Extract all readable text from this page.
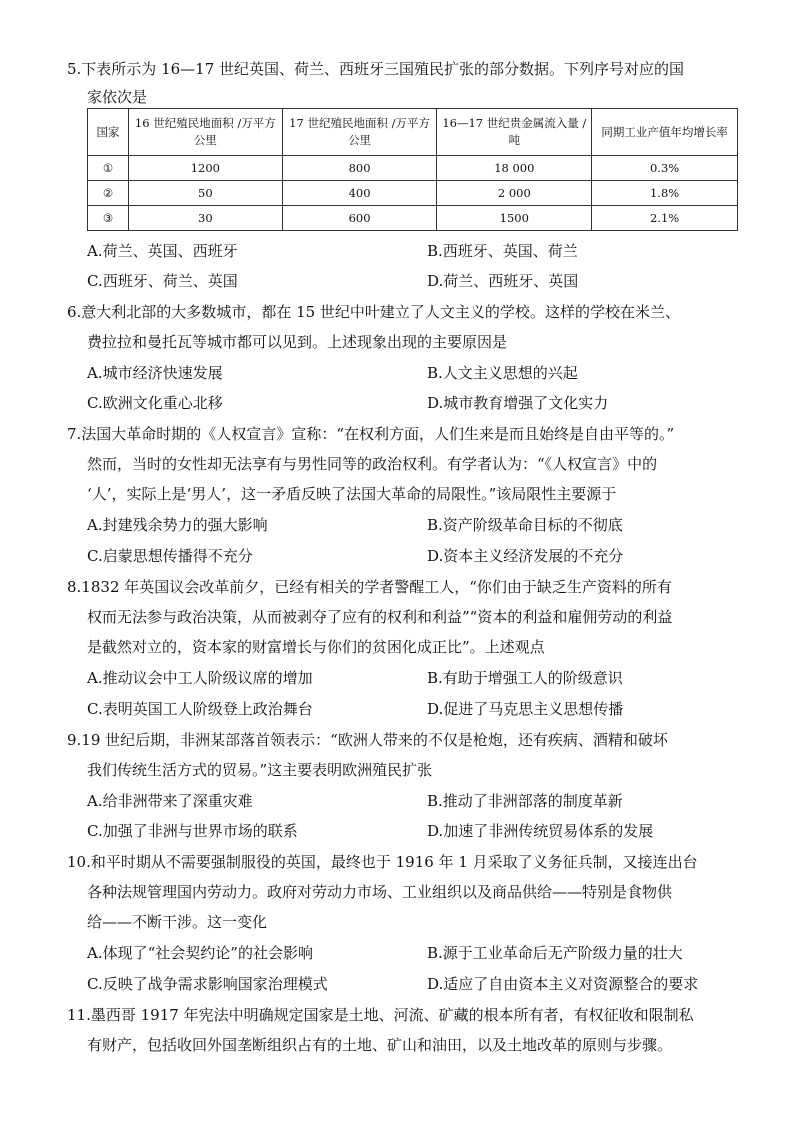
5.下表所示为 16—17 世纪英国、荷兰、西班牙三国殖民扩张的部分数据。下列序号对应的国
家依次是
国家	16 世纪殖民地面积 /万平方公里	17 世纪殖民地面积 /万平方公里	16—17 世纪贵金属流入量 /吨	同期工业产值年均增长率
①	1200	800	18 000	0.3%
②	50	400	2 000	1.8%
③	30	600	1500	2.1%
A.荷兰、英国、西班牙	B.西班牙、英国、荷兰
C.西班牙、荷兰、英国	D.荷兰、西班牙、英国
6.意大利北部的大多数城市，都在 15 世纪中叶建立了人文主义的学校。这样的学校在米兰、
费拉拉和曼托瓦等城市都可以见到。上述现象出现的主要原因是
A.城市经济快速发展	B.人文主义思想的兴起
C.欧洲文化重心北移	D.城市教育增强了文化实力
7.法国大革命时期的《人权宣言》宣称：“在权利方面，人们生来是而且始终是自由平等的。”
然而，当时的女性却无法享有与男性同等的政治权利。有学者认为：“《人权宣言》中的
‘人’，实际上是‘男人’，这一矛盾反映了法国大革命的局限性。”该局限性主要源于
A.封建残余势力的强大影响	B.资产阶级革命目标的不彻底
C.启蒙思想传播得不充分	D.资本主义经济发展的不充分
8.1832 年英国议会改革前夕，已经有相关的学者警醒工人，“你们由于缺乏生产资料的所有
权而无法参与政治决策，从而被剥夺了应有的权利和利益”“资本的利益和雇佣劳动的利益
是截然对立的，资本家的财富增长与你们的贫困化成正比”。上述观点
A.推动议会中工人阶级议席的增加	B.有助于增强工人的阶级意识
C.表明英国工人阶级登上政治舞台	D.促进了马克思主义思想传播
9.19 世纪后期，非洲某部落首领表示：“欧洲人带来的不仅是枪炮，还有疾病、酒精和破坏
我们传统生活方式的贸易。”这主要表明欧洲殖民扩张
A.给非洲带来了深重灾难	B.推动了非洲部落的制度革新
C.加强了非洲与世界市场的联系	D.加速了非洲传统贸易体系的发展
10.和平时期从不需要强制服役的英国，最终也于 1916 年 1 月采取了义务征兵制，又接连出台
各种法规管理国内劳动力。政府对劳动力市场、工业组织以及商品供给——特别是食物供
给——不断干涉。这一变化
A.体现了“社会契约论”的社会影响	B.源于工业革命后无产阶级力量的壮大
C.反映了战争需求影响国家治理模式	D.适应了自由资本主义对资源整合的要求
11.墨西哥 1917 年宪法中明确规定国家是土地、河流、矿藏的根本所有者，有权征收和限制私
有财产，包括收回外国垄断组织占有的土地、矿山和油田，以及土地改革的原则与步骤。
